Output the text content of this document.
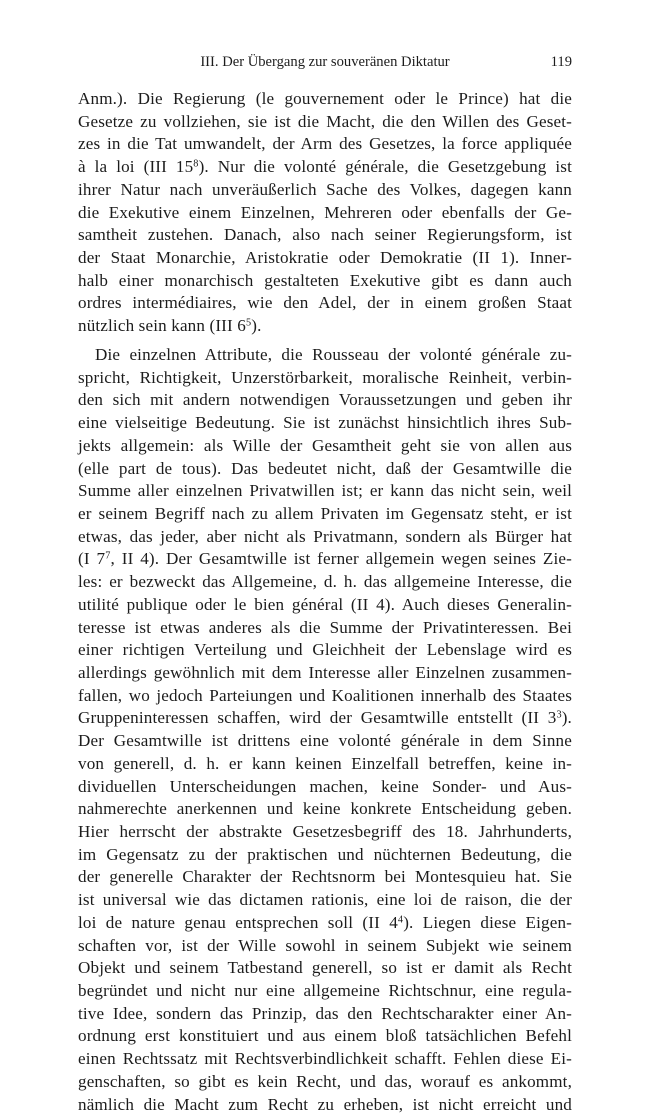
III. Der Übergang zur souveränen Diktatur	119
Anm.). Die Regierung (le gouvernement oder le Prince) hat die
Gesetze zu vollziehen, sie ist die Macht, die den Willen des Geset-
zes in die Tat umwandelt, der Arm des Gesetzes, la force appliquée
à la loi (III $15^8$). Nur die volonté générale, die Gesetzgebung ist
ihrer Natur nach unveräußerlich Sache des Volkes, dagegen kann
die Exekutive einem Einzelnen, Mehreren oder ebenfalls der Ge-
samtheit zustehen. Danach, also nach seiner Regierungsform, ist
der Staat Monarchie, Aristokratie oder Demokratie (II 1). Inner-
halb einer monarchisch gestalteten Exekutive gibt es dann auch
ordres intermédiaires, wie den Adel, der in einem großen Staat
nützlich sein kann (III $6^5$).
Die einzelnen Attribute, die Rousseau der volonté générale zu-
spricht, Richtigkeit, Unzerstörbarkeit, moralische Reinheit, verbin-
den sich mit andern notwendigen Voraussetzungen und geben ihr
eine vielseitige Bedeutung. Sie ist zunächst hinsichtlich ihres Sub-
jekts allgemein: als Wille der Gesamtheit geht sie von allen aus
(elle part de tous). Das bedeutet nicht, daß der Gesamtwille die
Summe aller einzelnen Privatwillen ist; er kann das nicht sein, weil
er seinem Begriff nach zu allem Privaten im Gegensatz steht, er ist
etwas, das jeder, aber nicht als Privatmann, sondern als Bürger hat
(I $7^7$, II 4). Der Gesamtwille ist ferner allgemein wegen seines Zie-
les: er bezweckt das Allgemeine, d. h. das allgemeine Interesse, die
utilité publique oder le bien général (II 4). Auch dieses Generalin-
teresse ist etwas anderes als die Summe der Privatinteressen. Bei
einer richtigen Verteilung und Gleichheit der Lebenslage wird es
allerdings gewöhnlich mit dem Interesse aller Einzelnen zusammen-
fallen, wo jedoch Parteiungen und Koalitionen innerhalb des Staates
Gruppeninteressen schaffen, wird der Gesamtwille entstellt (II $3^3$).
Der Gesamtwille ist drittens eine volonté générale in dem Sinne
von generell, d. h. er kann keinen Einzelfall betreffen, keine in-
dividuellen Unterscheidungen machen, keine Sonder- und Aus-
nahmerechte anerkennen und keine konkrete Entscheidung geben.
Hier herrscht der abstrakte Gesetzesbegriff des 18. Jahrhunderts,
im Gegensatz zu der praktischen und nüchternen Bedeutung, die
der generelle Charakter der Rechtsnorm bei Montesquieu hat. Sie
ist universal wie das dictamen rationis, eine loi de raison, die der
loi de nature genau entsprechen soll (II $4^4$). Liegen diese Eigen-
schaften vor, ist der Wille sowohl in seinem Subjekt wie seinem
Objekt und seinem Tatbestand generell, so ist er damit als Recht
begründet und nicht nur eine allgemeine Richtschnur, eine regula-
tive Idee, sondern das Prinzip, das den Rechtscharakter einer An-
ordnung erst konstituiert und aus einem bloß tatsächlichen Befehl
einen Rechtssatz mit Rechtsverbindlichkeit schafft. Fehlen diese Ei-
genschaften, so gibt es kein Recht, und das, worauf es ankommt,
nämlich die Macht zum Recht zu erheben, ist nicht erreicht und
